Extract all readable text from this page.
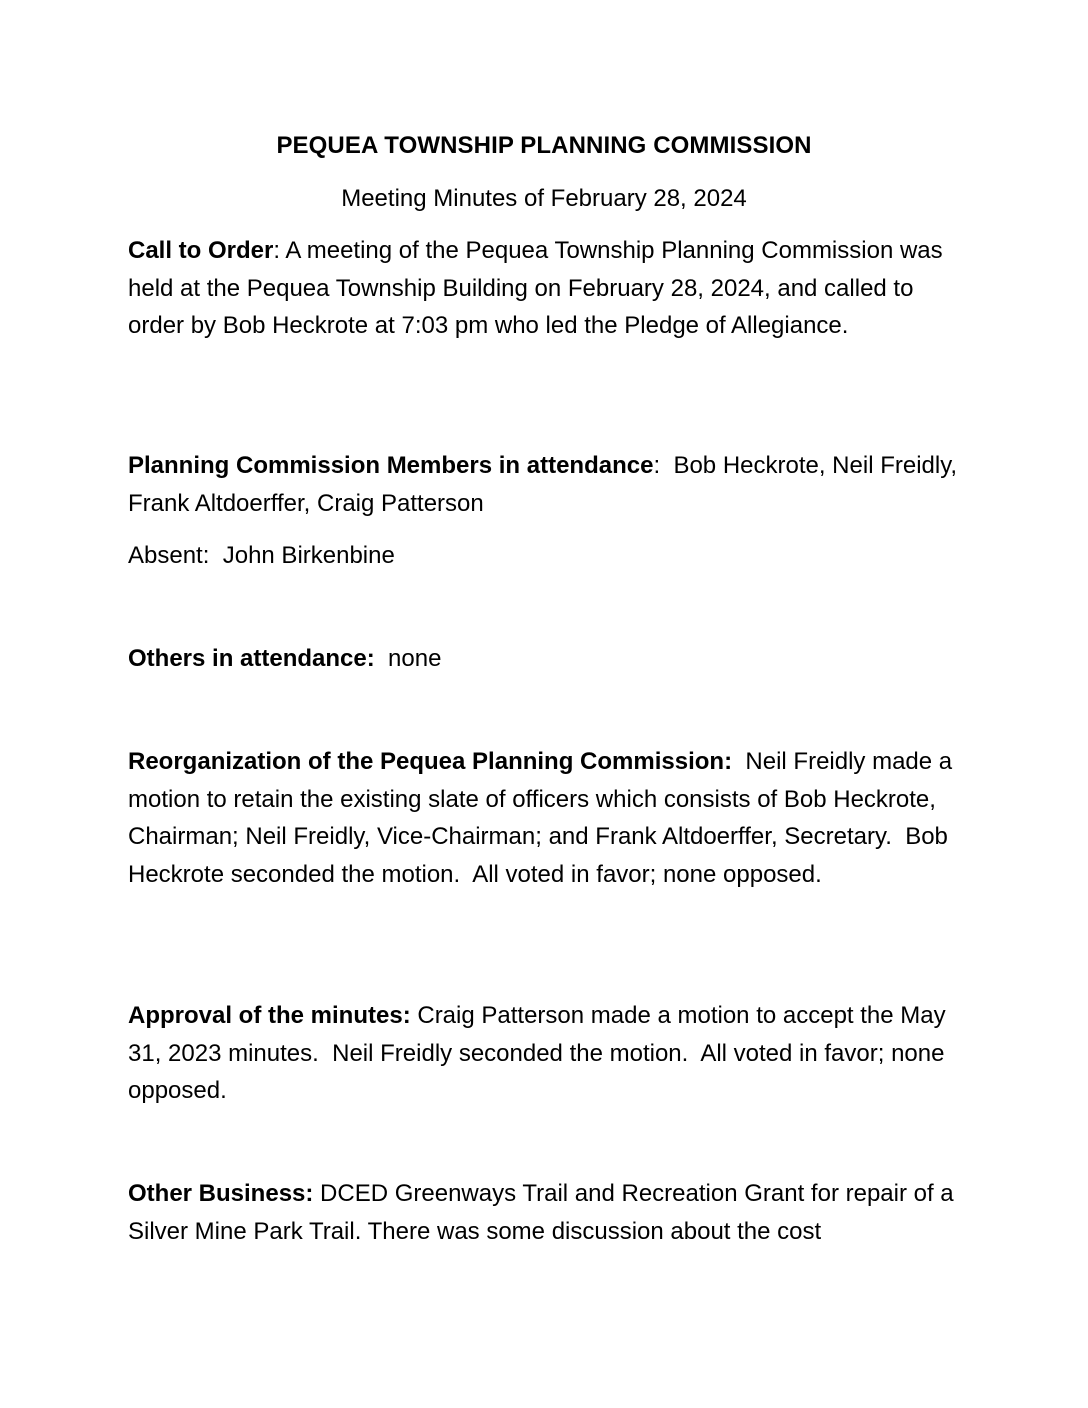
PEQUEA TOWNSHIP PLANNING COMMISSION
Meeting Minutes of February 28, 2024

Call to Order: A meeting of the Pequea Township Planning Commission was held at the Pequea Township Building on February 28, 2024, and called to order by Bob Heckrote at 7:03 pm who led the Pledge of Allegiance.

Planning Commission Members in attendance:  Bob Heckrote, Neil Freidly, Frank Altdoerffer, Craig Patterson

Absent:  John Birkenbine

Others in attendance:  none

Reorganization of the Pequea Planning Commission:  Neil Freidly made a motion to retain the existing slate of officers which consists of Bob Heckrote, Chairman; Neil Freidly, Vice-Chairman; and Frank Altdoerffer, Secretary.  Bob Heckrote seconded the motion.  All voted in favor; none opposed.

Approval of the minutes: Craig Patterson made a motion to accept the May 31, 2023 minutes.  Neil Freidly seconded the motion.  All voted in favor; none opposed.

Other Business: DCED Greenways Trail and Recreation Grant for repair of a Silver Mine Park Trail. There was some discussion about the cost
